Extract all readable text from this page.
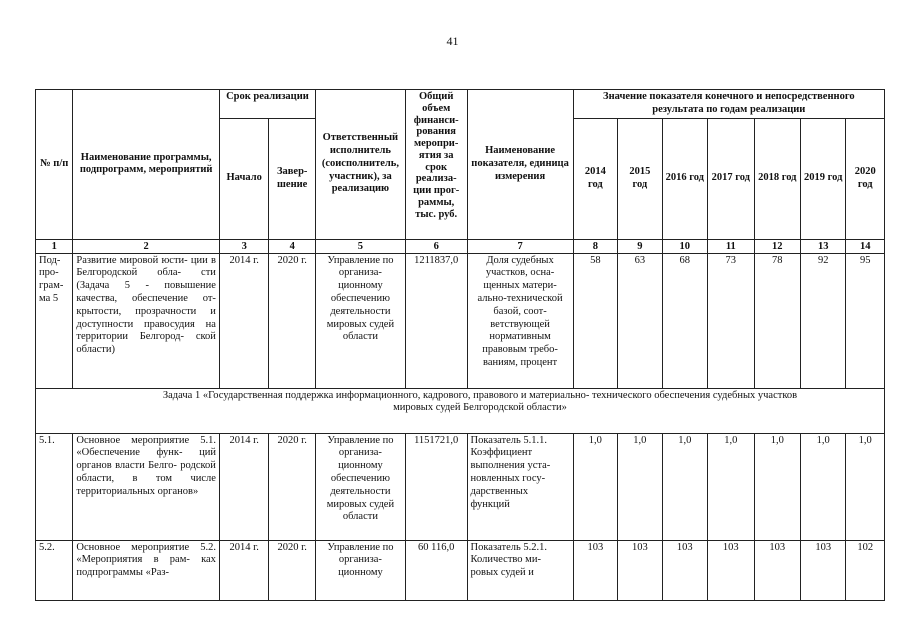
41
№ п/п	Наименование программы, подпрограмм, мероприятий	Срок реализации		Ответственный исполнитель (соисполнитель, участник), за реализацию	Общий объем финанси- рования меропри- ятия за срок реализа- ции прог- раммы, тыс. руб.	Наименование показателя, единица измерения	Значение показателя конечного и непосредственного результата по годам реализации						
		Начало	Завер- шение				2014 год	2015 год	2016 год	2017 год	2018 год	2019 год	2020 год
1	2	3	4	5	6	7	8	9	10	11	12	13	14
Под- про- грам- ма 5	Развитие мировой юсти- ции в Белгородской обла- сти (Задача 5 - повышение качества, обеспечение от- крытости, прозрачности и доступности правосудия на территории Белгород- ской области)	2014 г.	2020 г.	Управление по организа- ционному обеспечению деятельности мировых судей области	1211837,0	Доля судебных участков, осна- щенных матери- ально-технической базой, соот- ветствующей нормативным правовым требо- ваниям, процент	58	63	68	73	78	92	95
Задача 1 «Государственная поддержка информационного, кадрового, правового и материально- технического обеспечения судебных участков мировых судей Белгородской области»													
5.1.	Основное мероприятие 5.1. «Обеспечение функ- ций органов власти Белго- родской области, в том числе территориальных органов»	2014 г.	2020 г.	Управление по организа- ционному обеспечению деятельности мировых судей области	1151721,0	Показатель 5.1.1. Коэффициент выполнения уста- новленных госу- дарственных функций	1,0	1,0	1,0	1,0	1,0	1,0	1,0
5.2.	Основное мероприятие 5.2. «Мероприятия в рам- ках подпрограммы «Раз-	2014 г.	2020 г.	Управление по организа- ционному	60 116,0	Показатель 5.2.1. Количество ми- ровых судей и	103	103	103	103	103	103	102
